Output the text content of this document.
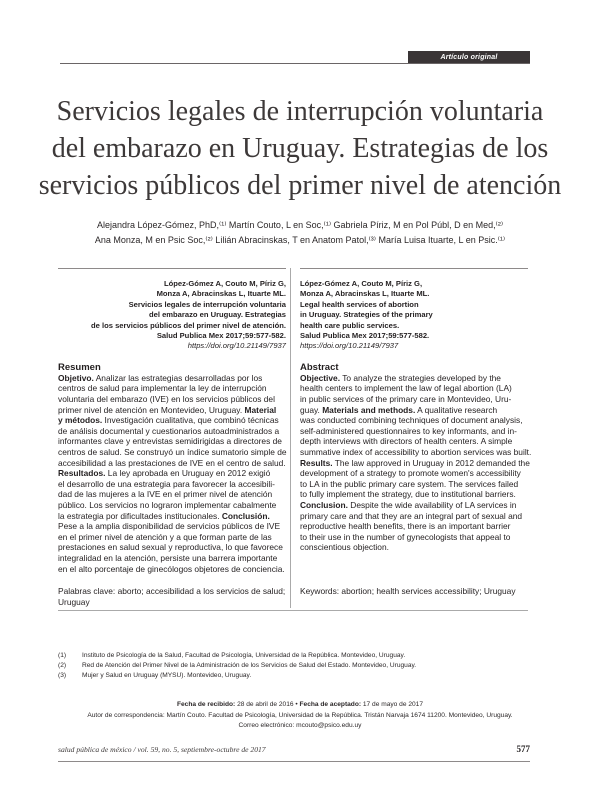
Artículo original
Servicios legales de interrupción voluntaria
del embarazo en Uruguay. Estrategias de los
servicios públicos del primer nivel de atención
Alejandra López-Gómez, PhD,⁽¹⁾ Martín Couto, L en Soc,⁽¹⁾ Gabriela Píriz, M en Pol Públ, D en Med,⁽²⁾
Ana Monza, M en Psic Soc,⁽²⁾ Lilián Abracinskas, T en Anatom Patol,⁽³⁾ María Luisa Ituarte, L en Psic.⁽¹⁾
López-Gómez A, Couto M, Píriz G,
Monza A, Abracinskas L, Ituarte ML.
Servicios legales de interrupción voluntaria
del embarazo en Uruguay. Estrategias
de los servicios públicos del primer nivel de atención.
Salud Publica Mex 2017;59:577-582.
https://doi.org/10.21149/7937
Resumen
Objetivo. Analizar las estrategias desarrolladas por los
centros de salud para implementar la ley de interrupción
voluntaria del embarazo (IVE) en los servicios públicos del
primer nivel de atención en Montevideo, Uruguay. Material
y métodos. Investigación cualitativa, que combinó técnicas
de análisis documental y cuestionarios autoadministrados a
informantes clave y entrevistas semidirigidas a directores de
centros de salud. Se construyó un índice sumatorio simple de
accesibilidad a las prestaciones de IVE en el centro de salud.
Resultados. La ley aprobada en Uruguay en 2012 exigió
el desarrollo de una estrategia para favorecer la accesibili-
dad de las mujeres a la IVE en el primer nivel de atención
público. Los servicios no lograron implementar cabalmente
la estrategia por dificultades institucionales. Conclusión.
Pese a la amplia disponibilidad de servicios públicos de IVE
en el primer nivel de atención y a que forman parte de las
prestaciones en salud sexual y reproductiva, lo que favorece
integralidad en la atención, persiste una barrera importante
en el alto porcentaje de ginecólogos objetores de conciencia.
Palabras clave: aborto; accesibilidad a los servicios de salud;
Uruguay
López-Gómez A, Couto M, Píriz G,
Monza A, Abracinskas L, Ituarte ML.
Legal health services of abortion
in Uruguay. Strategies of the primary
health care public services.
Salud Publica Mex 2017;59:577-582.
https://doi.org/10.21149/7937
Abstract
Objective. To analyze the strategies developed by the
health centers to implement the law of legal abortion (LA)
in public services of the primary care in Montevideo, Uru-
guay. Materials and methods. A qualitative research
was conducted combining techniques of document analysis,
self-administered questionnaires to key informants, and in-
depth interviews with directors of health centers. A simple
summative index of accessibility to abortion services was built.
Results. The law approved in Uruguay in 2012 demanded the
development of a strategy to promote women's accessibility
to LA in the public primary care system. The services failed
to fully implement the strategy, due to institutional barriers.
Conclusion. Despite the wide availability of LA services in
primary care and that they are an integral part of sexual and
reproductive health benefits, there is an important barrier
to their use in the number of gynecologists that appeal to
conscientious objection.
Keywords: abortion; health services accessibility; Uruguay
(1)	Instituto de Psicología de la Salud, Facultad de Psicología, Universidad de la República. Montevideo, Uruguay.
(2)	Red de Atención del Primer Nivel de la Administración de los Servicios de Salud del Estado. Montevideo, Uruguay.
(3)	Mujer y Salud en Uruguay (MYSU). Montevideo, Uruguay.
Fecha de recibido: 28 de abril de 2016 • Fecha de aceptado: 17 de mayo de 2017
Autor de correspondencia: Martín Couto. Facultad de Psicología, Universidad de la República. Tristán Narvaja 1674 11200. Montevideo, Uruguay.
Correo electrónico: mcouto@psico.edu.uy
salud pública de méxico / vol. 59, no. 5, septiembre-octubre de 2017	577
